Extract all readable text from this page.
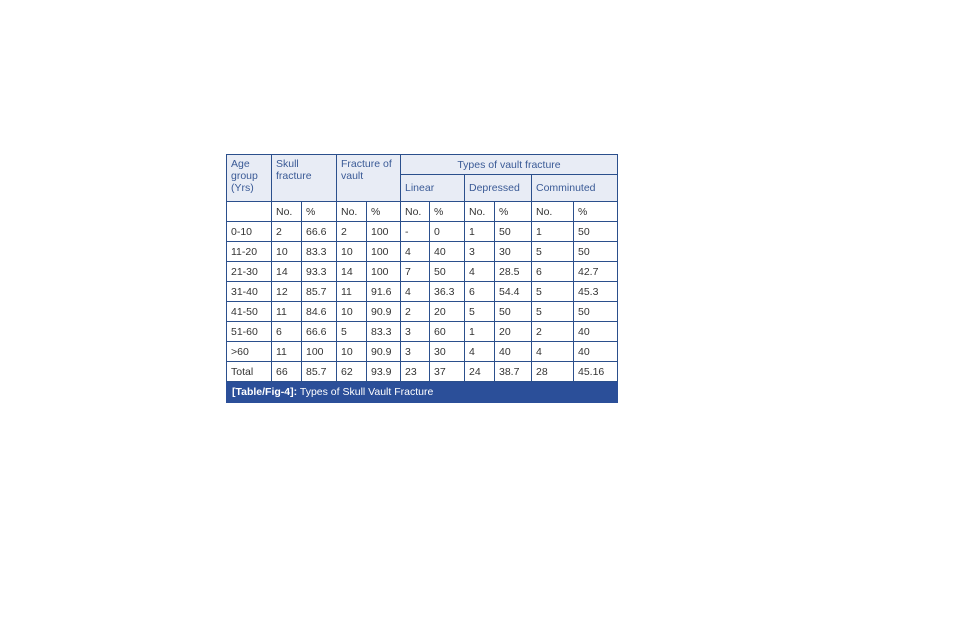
Age group (Yrs)	Skull fracture		Fracture of vault		Types of vault fracture					
					Linear		Depressed		Comminuted	
	No.	%	No.	%	No.	%	No.	%	No.	%
0-10	2	66.6	2	100	-	0	1	50	1	50
11-20	10	83.3	10	100	4	40	3	30	5	50
21-30	14	93.3	14	100	7	50	4	28.5	6	42.7
31-40	12	85.7	11	91.6	4	36.3	6	54.4	5	45.3
41-50	11	84.6	10	90.9	2	20	5	50	5	50
51-60	6	66.6	5	83.3	3	60	1	20	2	40
>60	11	100	10	90.9	3	30	4	40	4	40
Total	66	85.7	62	93.9	23	37	24	38.7	28	45.16
[Table/Fig-4]: Types of Skull Vault Fracture										
